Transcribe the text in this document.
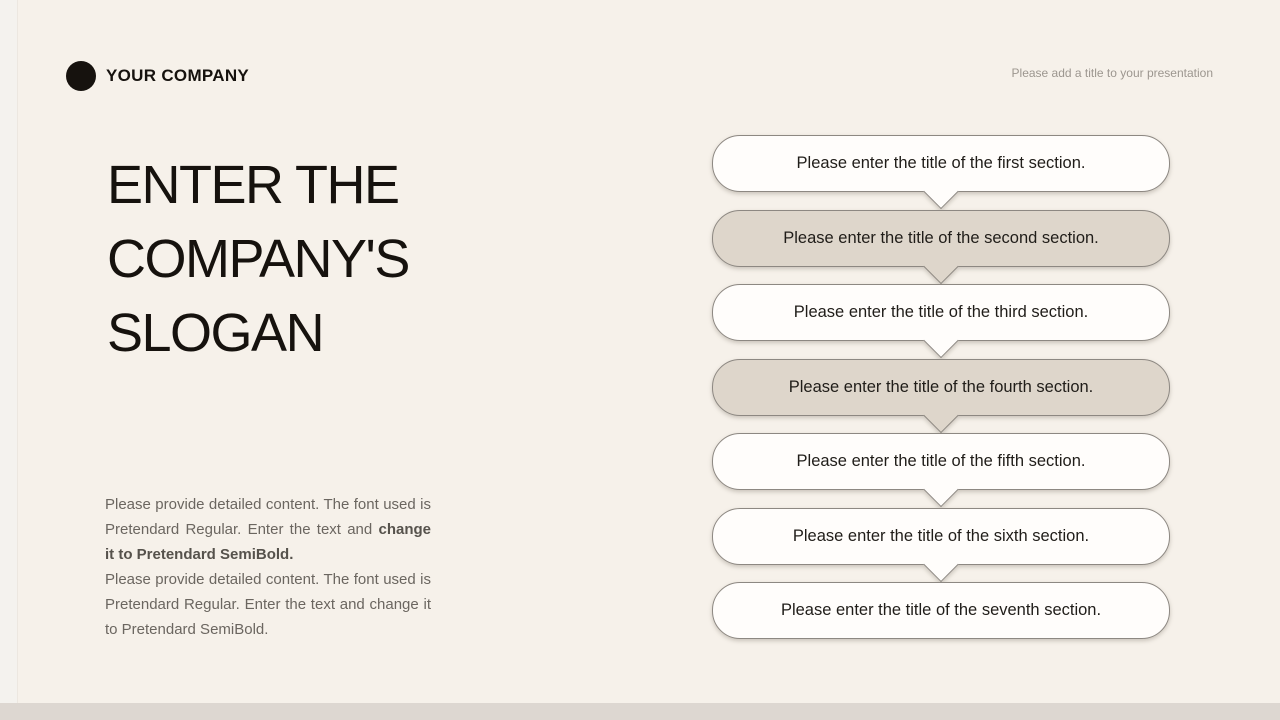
YOUR COMPANY	Please add a title to your presentation
ENTER THE
COMPANY'S
SLOGAN

Please provide detailed content. The font used is Pretendard Regular. Enter the text and change it to Pretendard SemiBold.

Please provide detailed content. The font used is Pretendard Regular. Enter the text and change it to Pretendard SemiBold.

Please enter the title of the first section.
Please enter the title of the second section.
Please enter the title of the third section.
Please enter the title of the fourth section.
Please enter the title of the fifth section.
Please enter the title of the sixth section.
Please enter the title of the seventh section.
